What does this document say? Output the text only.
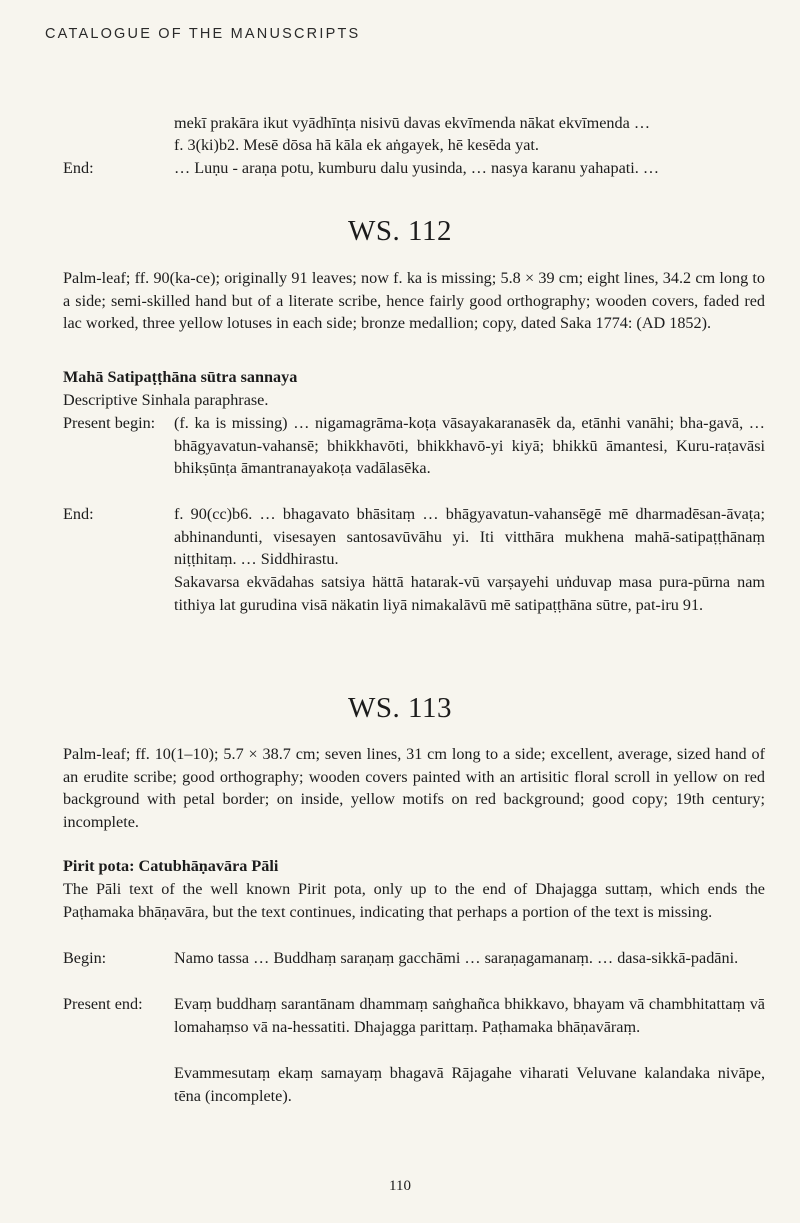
CATALOGUE OF THE MANUSCRIPTS
mekī prakāra ikut vyādhīnṭa nisivū davas ekvīmenda nākat ekvīmenda …
f. 3(ki)b2. Mesē dōsa hā kāla ek aṅgayek, hē kesēda yat.
End:	… Luṇu - araṇa potu, kumburu dalu yusinda, … nasya karanu yahapati. …
WS. 112
Palm-leaf; ff. 90(ka-ce); originally 91 leaves; now f. ka is missing; 5.8 × 39 cm; eight lines, 34.2 cm long to a side; semi-skilled hand but of a literate scribe, hence fairly good orthography; wooden covers, faded red lac worked, three yellow lotuses in each side; bronze medallion; copy, dated Saka 1774: (AD 1852).
Mahā Satipaṭṭhāna sūtra sannaya
Descriptive Sinhala paraphrase.
Present begin: (f. ka is missing) … nigamagrāma-koṭa vāsayakaranasēk da, etānhi vanāhi; bha-gavā, … bhāgyavatun-vahansē; bhikkhavōti, bhikkhavō-yi kiyā; bhikkū āmantesi, Kuru-raṭavāsi bhikṣūnṭa āmantranayakoṭa vadālasēka.
End:	f. 90(cc)b6. … bhagavato bhāsitaṃ … bhāgyavatun-vahansēgē mē dharmadēsan-āvaṭa; abhinandunti, visesayen santosavūvāhu yi. Iti vitthāra mukhena mahā-satipaṭṭhānaṃ niṭṭhitaṃ. … Siddhirastu.
Sakavarsa ekvādahas satsiya hättā hatarak-vū varṣayehi uṅduvap masa pura-pūrna nam tithiya lat gurudina visā näkatin liyā nimakalāvū mē satipaṭṭhāna sūtre, pat-iru 91.
WS. 113
Palm-leaf; ff. 10(1–10); 5.7 × 38.7 cm; seven lines, 31 cm long to a side; excellent, average, sized hand of an erudite scribe; good orthography; wooden covers painted with an artisitic floral scroll in yellow on red background with petal border; on inside, yellow motifs on red background; good copy; 19th century; incomplete.
Pirit pota: Catubhāṇavāra Pāli
The Pāli text of the well known Pirit pota, only up to the end of Dhajagga suttaṃ, which ends the Paṭhamaka bhāṇavāra, but the text continues, indicating that perhaps a portion of the text is missing.
Begin:	Namo tassa … Buddhaṃ saraṇaṃ gacchāmi … saraṇagamanaṃ. … dasa-sikkā-padāni.
Present end: Evaṃ buddhaṃ sarantānam dhammaṃ saṅghañca bhikkavo, bhayam vā chambhitattaṃ vā lomahaṃso vā na-hessatiti. Dhajagga parittaṃ. Paṭhamaka bhāṇavāraṃ.
Evammesutaṃ ekaṃ samayaṃ bhagavā Rājagahe viharati Veluvane kalandaka nivāpe, tēna (incomplete).
110
